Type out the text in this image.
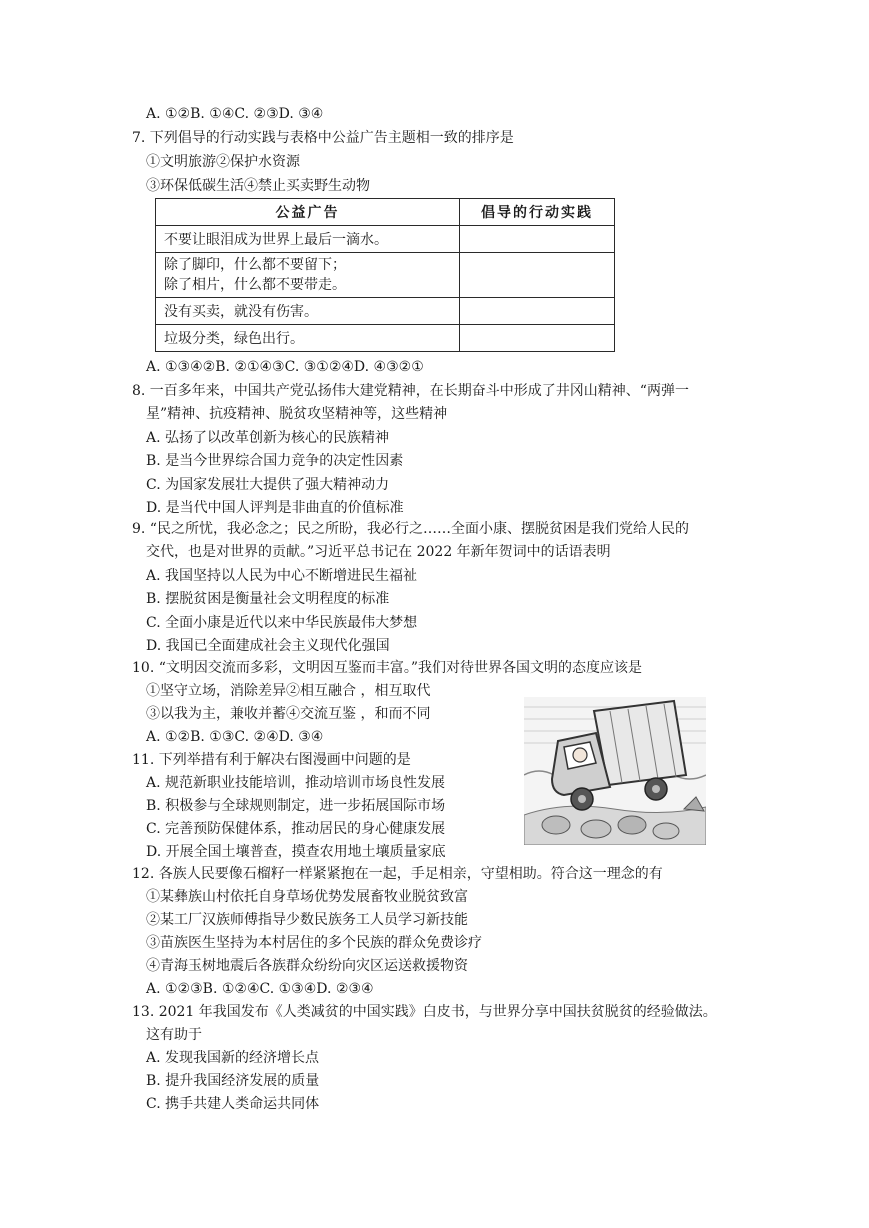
A. ①②B. ①④C. ②③D. ③④
7. 下列倡导的行动实践与表格中公益广告主题相一致的排序是
①文明旅游②保护水资源
③环保低碳生活④禁止买卖野生动物
公益广告	倡导的行动实践
不要让眼泪成为世界上最后一滴水。	

除了脚印，什么都不要留下；
除了相片，什么都不要带走。	

没有买卖，就没有伤害。	
垃圾分类，绿色出行。	
A. ①③④②B. ②①④③C. ③①②④D. ④③②①
8. 一百多年来，中国共产党弘扬伟大建党精神，在长期奋斗中形成了井冈山精神、“两弹一
星”精神、抗疫精神、脱贫攻坚精神等，这些精神
A. 弘扬了以改革创新为核心的民族精神
B. 是当今世界综合国力竞争的决定性因素
C. 为国家发展壮大提供了强大精神动力
D. 是当代中国人评判是非曲直的价值标准
9. “民之所忧，我必念之；民之所盼，我必行之……全面小康、摆脱贫困是我们党给人民的
交代，也是对世界的贡献。”习近平总书记在 2022 年新年贺词中的话语表明
A. 我国坚持以人民为中心不断增进民生福祉
B. 摆脱贫困是衡量社会文明程度的标准
C. 全面小康是近代以来中华民族最伟大梦想
D. 我国已全面建成社会主义现代化强国
10. “文明因交流而多彩，文明因互鉴而丰富。”我们对待世界各国文明的态度应该是
①坚守立场，消除差异②相互融合 ，相互取代
③以我为主，兼收并蓄④交流互鉴 ，和而不同
A. ①②B. ①③C. ②④D. ③④
11. 下列举措有利于解决右图漫画中问题的是
A. 规范新职业技能培训，推动培训市场良性发展
B. 积极参与全球规则制定，进一步拓展国际市场
C. 完善预防保健体系，推动居民的身心健康发展
D. 开展全国土壤普查，摸查农用地土壤质量家底
12. 各族人民要像石榴籽一样紧紧抱在一起，手足相亲，守望相助。符合这一理念的有
①某彝族山村依托自身草场优势发展畜牧业脱贫致富
②某工厂汉族师傅指导少数民族务工人员学习新技能
③苗族医生坚持为本村居住的多个民族的群众免费诊疗
④青海玉树地震后各族群众纷纷向灾区运送救援物资
A. ①②③B. ①②④C. ①③④D. ②③④
13. 2021 年我国发布《人类减贫的中国实践》白皮书，与世界分享中国扶贫脱贫的经验做法。
这有助于
A. 发现我国新的经济增长点
B. 提升我国经济发展的质量
C. 携手共建人类命运共同体
